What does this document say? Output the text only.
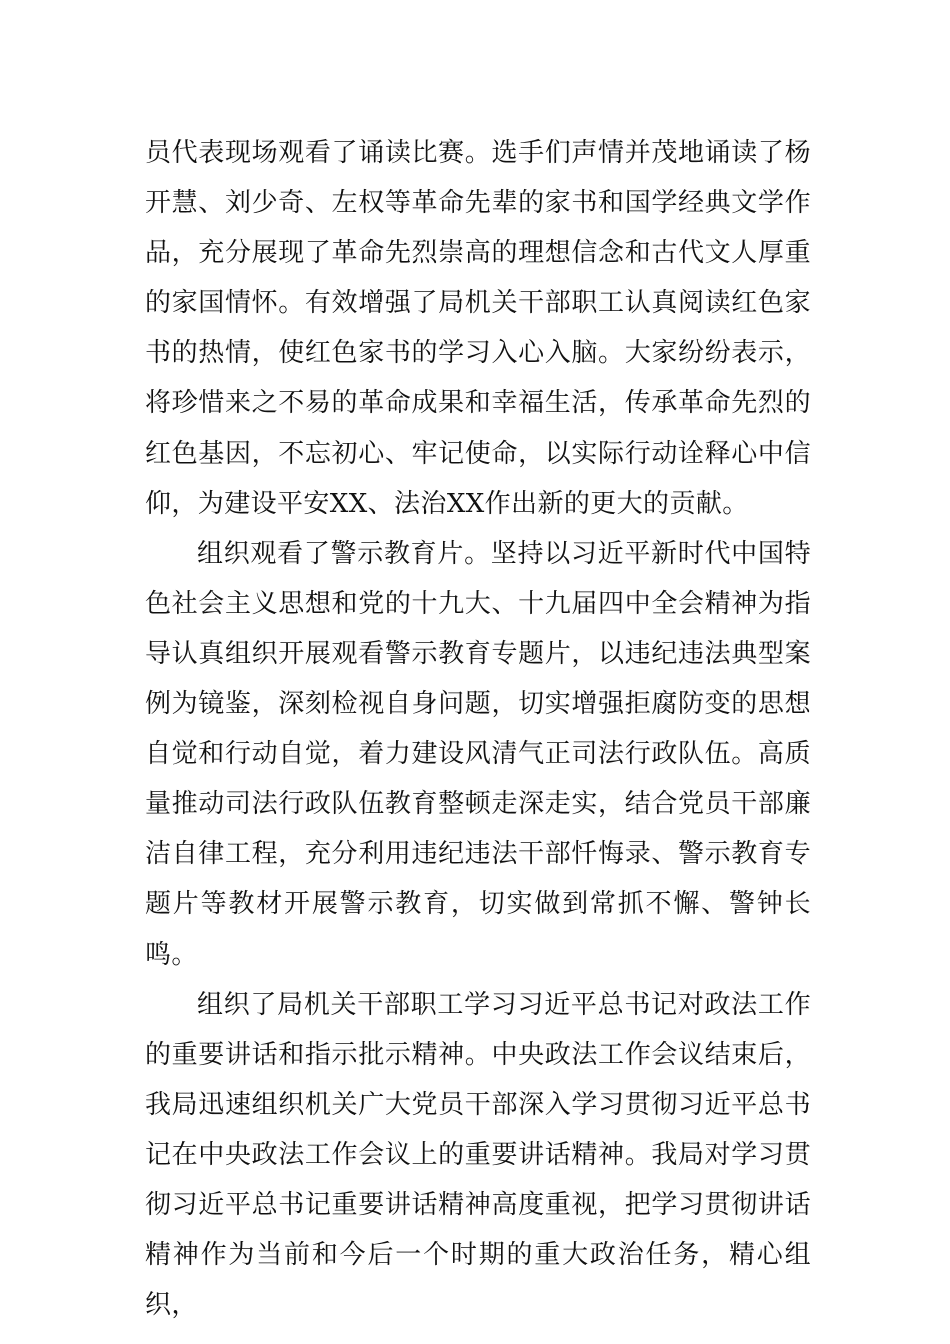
员代表现场观看了诵读比赛。选手们声情并茂地诵读了杨开慧、刘少奇、左权等革命先辈的家书和国学经典文学作品，充分展现了革命先烈崇高的理想信念和古代文人厚重的家国情怀。有效增强了局机关干部职工认真阅读红色家书的热情，使红色家书的学习入心入脑。大家纷纷表示，将珍惜来之不易的革命成果和幸福生活，传承革命先烈的红色基因，不忘初心、牢记使命，以实际行动诠释心中信仰，为建设平安XX、法治XX作出新的更大的贡献。

组织观看了警示教育片。坚持以习近平新时代中国特色社会主义思想和党的十九大、十九届四中全会精神为指导认真组织开展观看警示教育专题片，以违纪违法典型案例为镜鉴，深刻检视自身问题，切实增强拒腐防变的思想自觉和行动自觉，着力建设风清气正司法行政队伍。高质量推动司法行政队伍教育整顿走深走实，结合党员干部廉洁自律工程，充分利用违纪违法干部忏悔录、警示教育专题片等教材开展警示教育，切实做到常抓不懈、警钟长鸣。

组织了局机关干部职工学习习近平总书记对政法工作的重要讲话和指示批示精神。中央政法工作会议结束后，我局迅速组织机关广大党员干部深入学习贯彻习近平总书记在中央政法工作会议上的重要讲话精神。我局对学习贯彻习近平总书记重要讲话精神高度重视，把学习贯彻讲话精神作为当前和今后一个时期的重大政治任务，精心组织，
